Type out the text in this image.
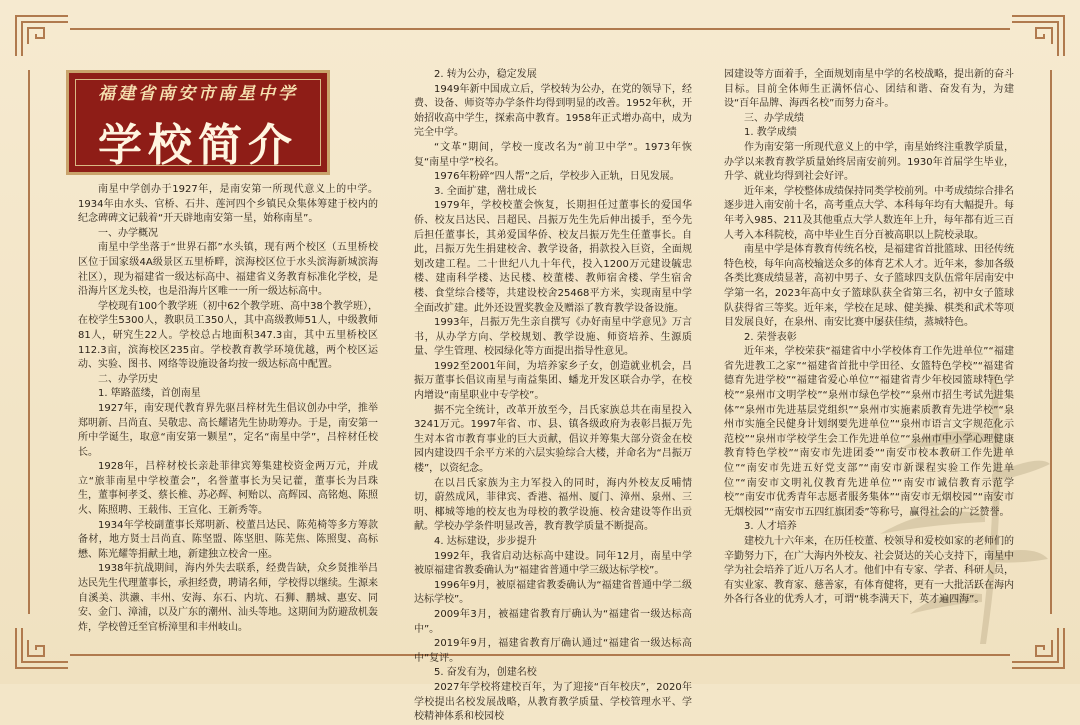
福建省南安市南星中学
学校简介

南星中学创办于1927年，是南安第一所现代意义上的中学。1934年由水头、官桥、石井、莲河四个乡镇民众集体筹建于校内的纪念碑碑文记载着“开天辟地南安第一星，始称南星”。

一、办学概况

南星中学坐落于“世界石都”水头镇，现有两个校区（五里桥校区位于国家级4A级景区五里桥畔，滨海校区位于水头滨海新城滨海社区），现为福建省一级达标高中、福建省义务教育标准化学校，是沿海片区龙头校，也是沿海片区唯一一所一级达标高中。

学校现有100个教学班（初中62个教学班、高中38个教学班），在校学生5300人，教职员工350人，其中高级教师51人，中级教师81人，研究生22人。学校总占地面积347.3亩，其中五里桥校区112.3亩，滨海校区235亩。学校教育教学环境优越，两个校区运动、实验、图书、网络等设施设备均按一级达标高中配置。

二、办学历史

1. 筚路蓝缕，首创南星

1927年，南安现代教育界先驱吕梓材先生倡议创办中学，推举郑明新、吕尚直、吴敬忠、高长耀诸先生协助筹办。于是，南安第一所中学诞生，取意“南安第一颗星”，定名“南星中学”，吕梓材任校长。

1928年，吕梓材校长亲赴菲律宾筹集建校资金两万元，并成立“旅菲南星中学校董会”，名誉董事长为吴记藿，董事长为吕珠生，董事柯孝爻、蔡长椎、苏必辉、柯贻以、高辉园、高铭炮、陈照火、陈照聘、王载伟、王宣化、王新秀等。

1934年学校副董事长郑明新、校董吕达民、陈苑椅等多方筹款备材，地方贤士吕尚直、陈坚盟、陈坚胆、陈芜焦、陈照叟、高标懋、陈光耀等捐献土地，新建独立校舍一座。

1938年抗战期间，海内外失去联系，经费告缺，众乡贤推举吕达民先生代理董事长，承担经费，聘请名师，学校得以继续。生源来自溪美、洪濑、丰州、安海、东石、内坑、石狮、鹏城、惠安、同安、金门、漳浦，以及广东的潮州、汕头等地。这期间为防避敌机轰炸，学校曾迁至官桥漳里和丰州岐山。

2. 转为公办，稳定发展

1949年新中国成立后，学校转为公办，在党的领导下，经费、设备、师资等办学条件均得到明显的改善。1952年秋，开始招收高中学生，探索高中教育。1958年正式增办高中，成为完全中学。

“文革”期间，学校一度改名为“前卫中学”。1973年恢复“南星中学”校名。

1976年粉碎“四人帮”之后，学校步入正轨，日见发展。

3. 全面扩建，凿壮成长

1979年，学校校董会恢复，长期担任过董事长的爱国华侨、校友吕达民、吕超民、吕振万先生先后伸出援手，至今先后担任董事长，其弟爱国华侨、校友吕振万先生任董事长。自此，吕振万先生捐建校舍、教学设备，捐款投入巨资，全面规划改建工程。二十世纪八九十年代，投入1200万元建设毓忠楼、建南科学楼、达民楼、校董楼、教师宿舍楼、学生宿舍楼、食堂综合楼等，共建设校舍25468平方米，实现南星中学全面改扩建。此外还设置奖教金及赠添了教育教学设备设施。

1993年，吕振万先生亲自撰写《办好南星中学意见》万言书，从办学方向、学校规划、教学设施、师资培养、生源质量、学生管理、校园绿化等方面提出指导性意见。

1992至2001年间，为培养家乡子女，创造就业机会，吕振万董事长倡议南星与南益集团、蟠龙开发区联合办学，在校内增设“南星职业中专学校”。

据不完全统计，改革开放至今，吕氏家族总共在南星投入3241万元。1997年省、市、县、镇各级政府为表彰吕振万先生对本省市教育事业的巨大贡献，倡议并筹集大部分资金在校园内建设四千余平方米的六层实验综合大楼，并命名为“吕振万楼”，以资纪念。

在以吕氏家族为主力军投入的同时，海内外校友反哺情切，蔚然成风，菲律宾、香港、福州、厦门、漳州、泉州、三明、椰城等地的校友也为母校的教学设施、校舍建设等作出贡献。学校办学条件明显改善，教育教学质量不断提高。

4. 达标建设，步步提升

1992年，我省启动达标高中建设。同年12月，南星中学被原福建省教委确认为“福建省普通中学三级达标学校”。

1996年9月，被原福建省教委确认为“福建省普通中学二级达标学校”。

2009年3月，被福建省教育厅确认为“福建省一级达标高中”。

2019年9月，福建省教育厅确认通过“福建省一级达标高中”复评。

5. 奋发有为，创建名校

2027年学校将建校百年，为了迎接“百年校庆”，2020年学校提出名校发展战略，从教育教学质量、学校管理水平、学校精神体系和校园校

园建设等方面着手，全面规划南星中学的名校战略，提出新的奋斗目标。目前全体师生正满怀信心、团结和谐、奋发有为，为建设“百年品牌、海西名校”而努力奋斗。

三、办学成绩

1. 教学成绩

作为南安第一所现代意义上的中学，南星始终注重教学质量，办学以来教育教学质量始终居南安前列。1930年首届学生毕业，升学、就业均得到社会好评。

近年来，学校整体成绩保持同类学校前列。中考成绩综合排名逐步进入南安前十名，高考重点大学、本科每年均有大幅提升。每年考入985、211及其他重点大学人数连年上升，每年都有近三百人考入本科院校，高中毕业生百分百被高职以上院校录取。

南星中学是体育教育传统名校，是福建省首批篮球、田径传统特色校，每年向高校输送众多的体育艺术人才。近年来，参加各级各类比赛成绩显著，高初中男子、女子篮球四支队伍常年居南安中学第一名，2023年高中女子篮球队获全省第三名，初中女子篮球队获得省三等奖。近年来，学校在足球、健美操、棋类和武术等项目发展良好，在泉州、南安比赛中屡获佳绩，蒸城特色。

2. 荣誉表彰

近年来，学校荣获“福建省中小学校体育工作先进单位”“福建省先进教工之家”“福建省首批中学田径、女篮特色学校”“福建省德育先进学校”“福建省爱心单位”“福建省青少年校园篮球特色学校”“泉州市文明学校”“泉州市绿色学校”“泉州市招生考试先进集体”“泉州市先进基层党组织”“泉州市实施素质教育先进学校”“泉州市实施全民健身计划纲要先进单位”“泉州市语言文字规范化示范校”“泉州市学校学生会工作先进单位”“泉州市中小学心理健康教育特色学校”“南安市先进团委”“南安市校本教研工作先进单位”“南安市先进五好党支部”“南安市新课程实验工作先进单位”“南安市文明礼仪教育先进单位”“南安市诚信教育示范学校”“南安市优秀青年志愿者服务集体”“南安市无烟校园”“南安市无烟校园”“南安市五四红旗团委”等称号，赢得社会的广泛赞誉。

3. 人才培养

建校九十六年来，在历任校董、校领导和爱校如家的老师们的辛勤努力下，在广大海内外校友、社会贤达的关心支持下，南星中学为社会培养了近八万名人才。他们中有专家、学者、科研人员，有实业家、教育家、慈善家，有体育健将，更有一大批活跃在海内外各行各业的优秀人才，可谓“桃李满天下，英才遍四海”。
